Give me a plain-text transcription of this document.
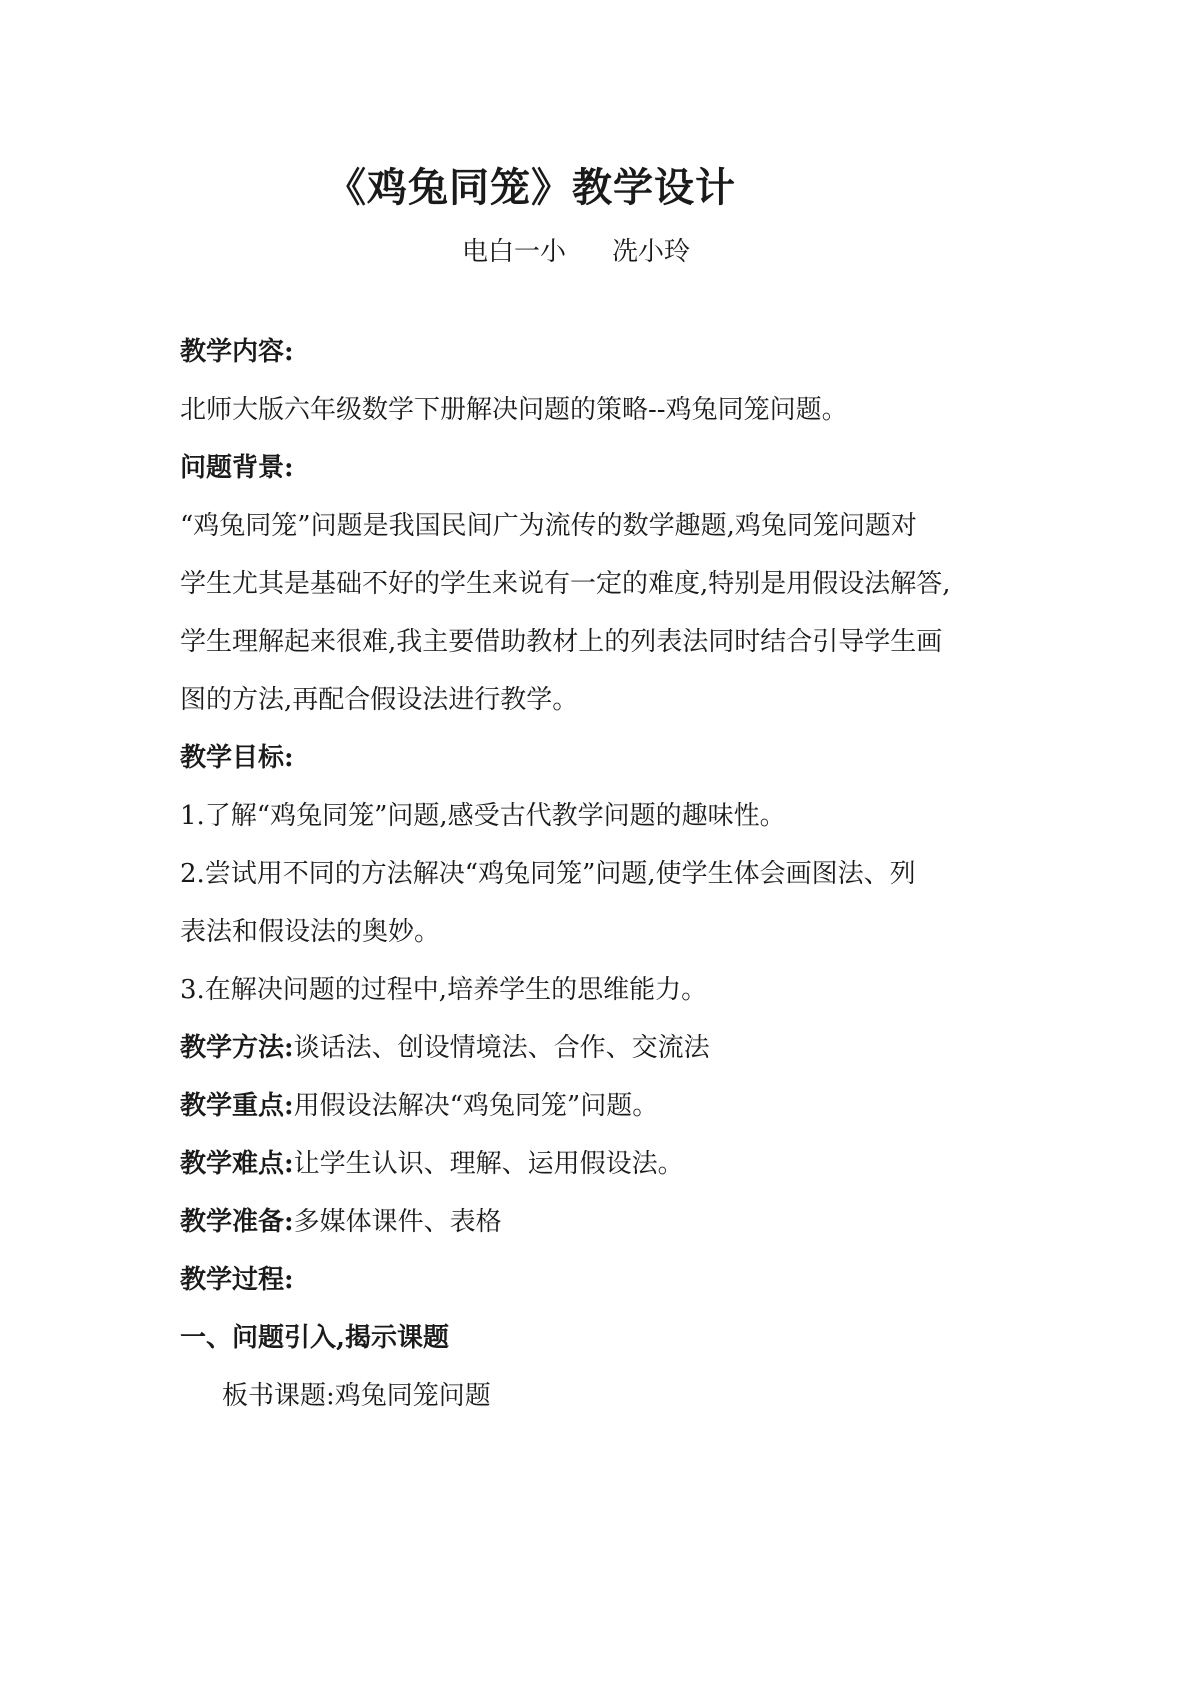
《鸡兔同笼》教学设计
电白一小 冼小玲
教学内容:
北师大版六年级数学下册解决问题的策略--鸡兔同笼问题。
问题背景:
“鸡兔同笼”问题是我国民间广为流传的数学趣题,鸡兔同笼问题对
学生尤其是基础不好的学生来说有一定的难度,特别是用假设法解答,
学生理解起来很难,我主要借助教材上的列表法同时结合引导学生画
图的方法,再配合假设法进行教学。
教学目标:
1.了解“鸡兔同笼”问题,感受古代教学问题的趣味性。
2.尝试用不同的方法解决“鸡兔同笼”问题,使学生体会画图法、列
表法和假设法的奥妙。
3.在解决问题的过程中,培养学生的思维能力。
教学方法:谈话法、创设情境法、合作、交流法
教学重点:用假设法解决“鸡兔同笼”问题。
教学难点:让学生认识、理解、运用假设法。
教学准备:多媒体课件、表格
教学过程:
一、问题引入,揭示课题
板书课题:鸡兔同笼问题
